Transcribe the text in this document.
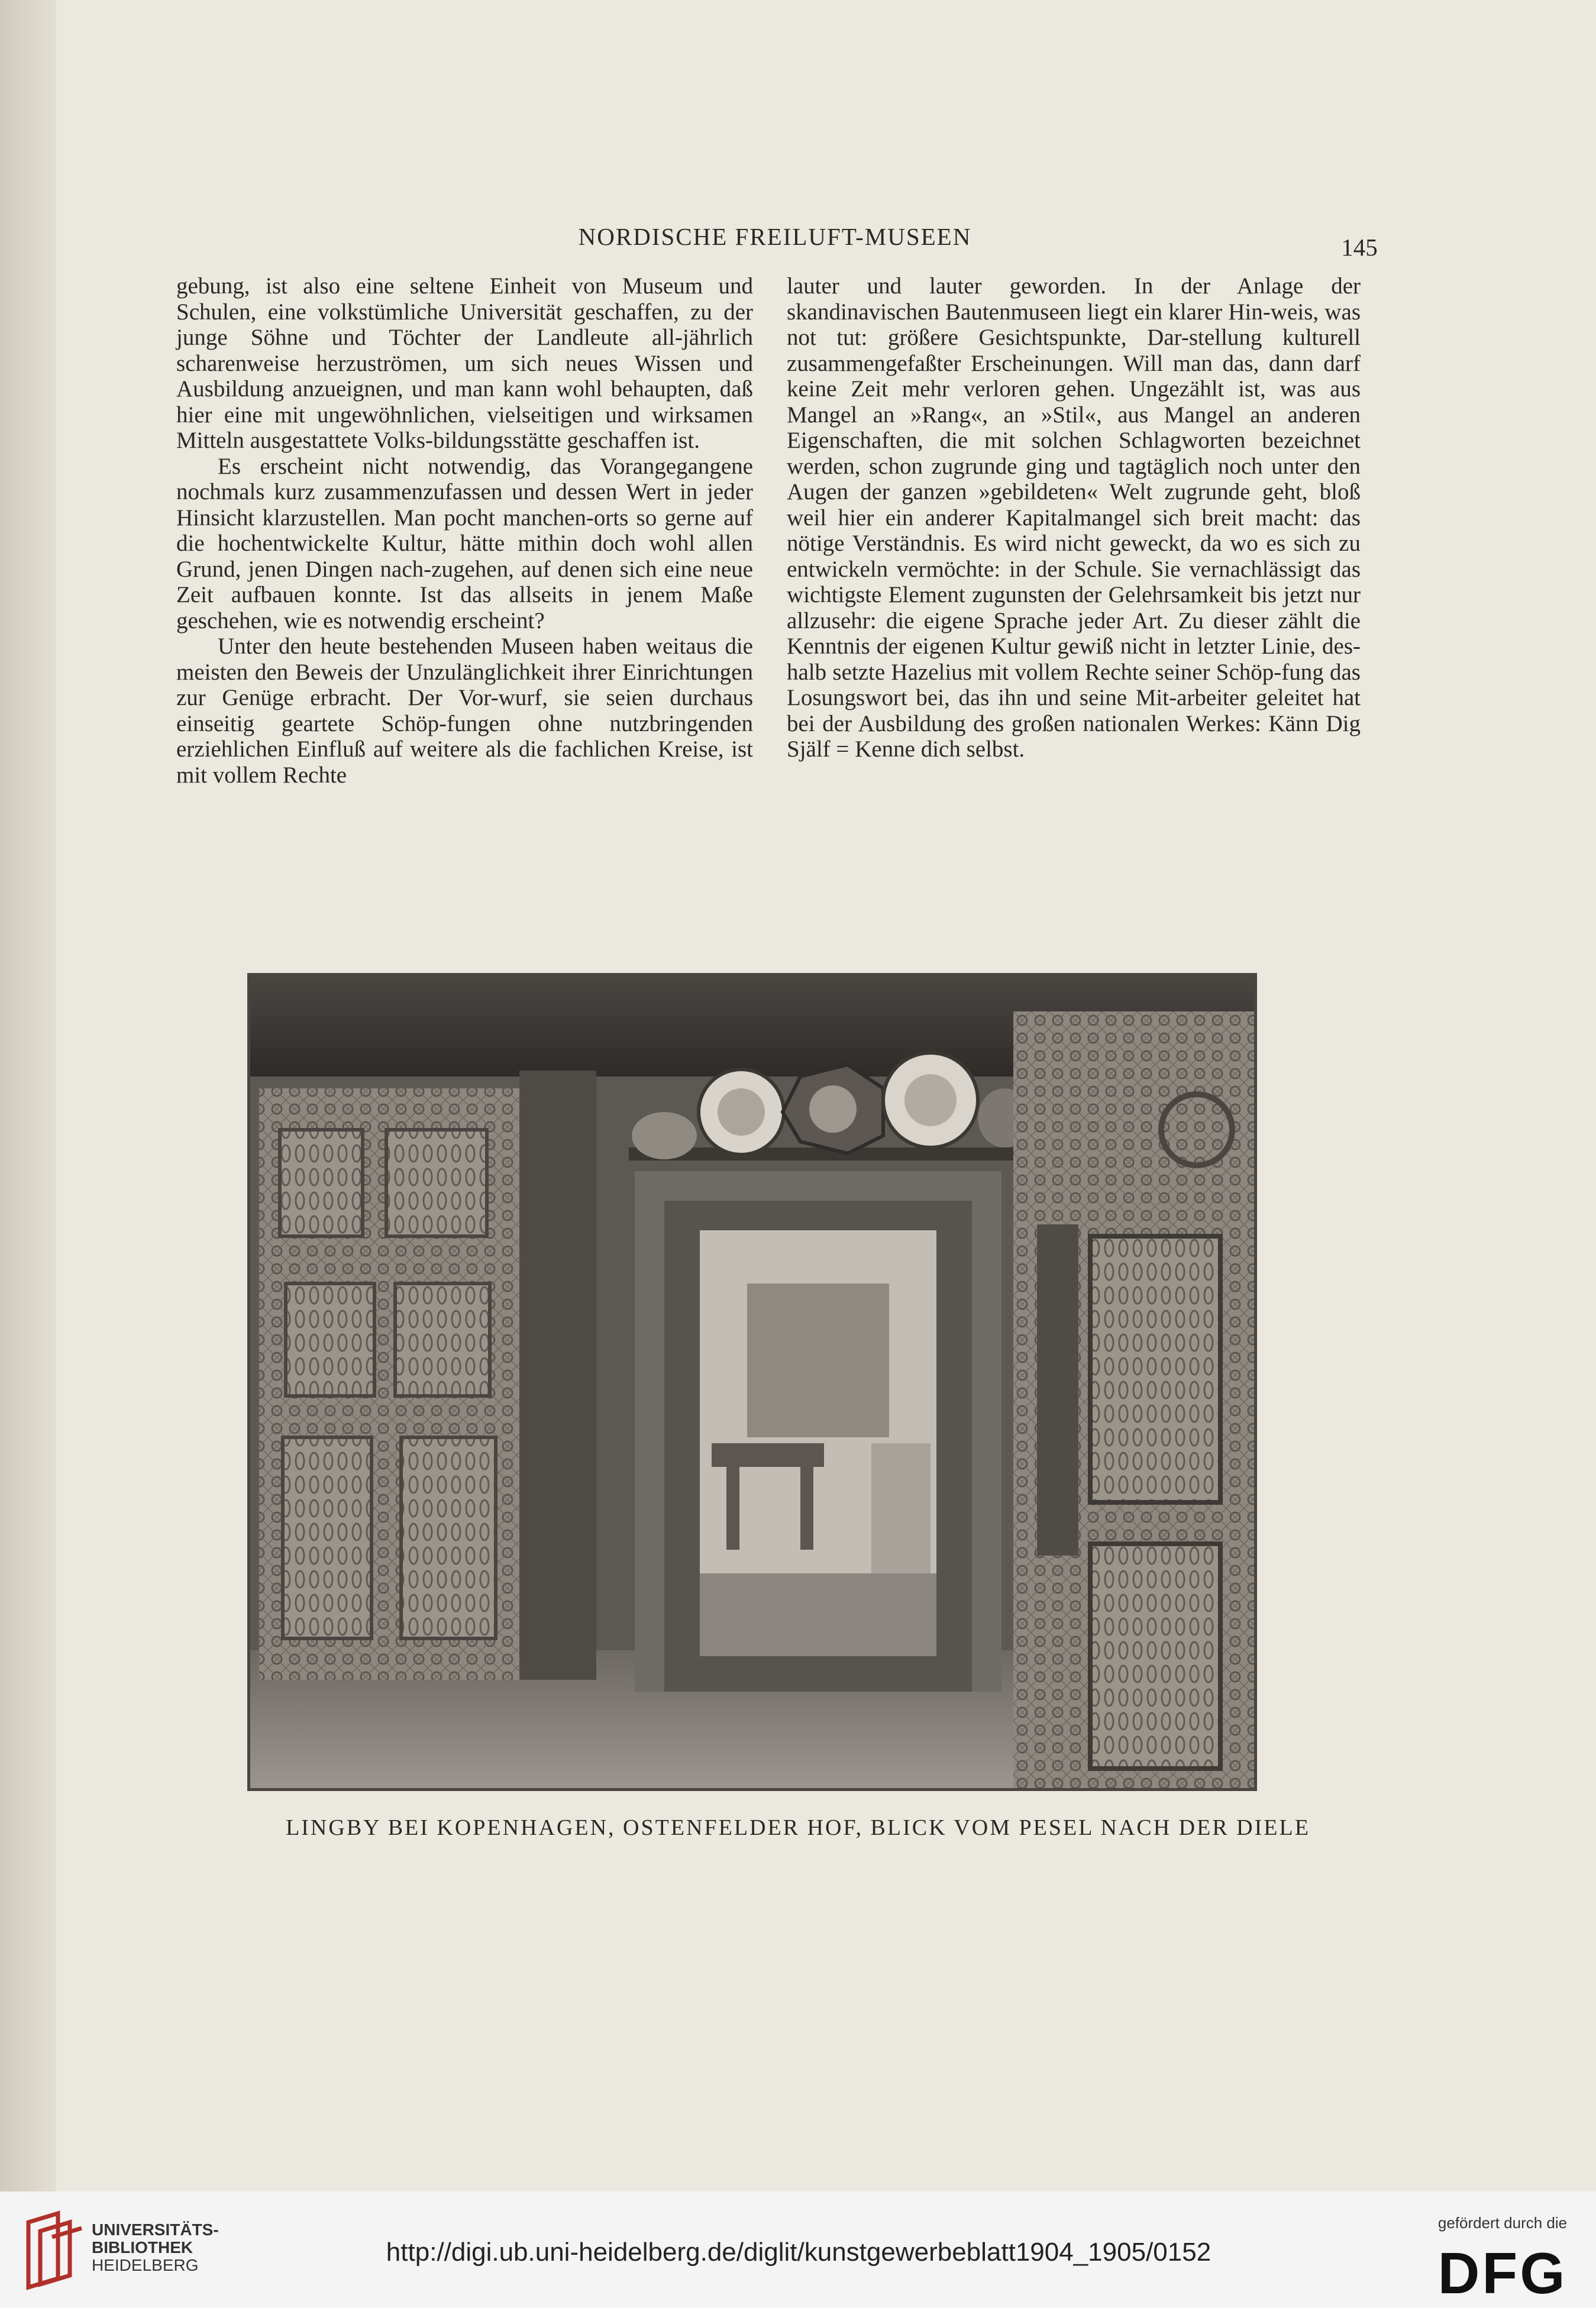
NORDISCHE FREILUFT-MUSEEN	145

gebung, ist also eine seltene Einheit von Museum und Schulen, eine volkstümliche Universität geschaffen, zu der junge Söhne und Töchter der Landleute all-jährlich scharenweise herzuströmen, um sich neues Wissen und Ausbildung anzueignen, und man kann wohl behaupten, daß hier eine mit ungewöhnlichen, vielseitigen und wirksamen Mitteln ausgestattete Volks-bildungsstätte geschaffen ist.

Es erscheint nicht notwendig, das Vorangegangene nochmals kurz zusammenzufassen und dessen Wert in jeder Hinsicht klarzustellen. Man pocht manchen-orts so gerne auf die hochentwickelte Kultur, hätte mithin doch wohl allen Grund, jenen Dingen nach-zugehen, auf denen sich eine neue Zeit aufbauen konnte. Ist das allseits in jenem Maße geschehen, wie es notwendig erscheint?

Unter den heute bestehenden Museen haben weitaus die meisten den Beweis der Unzulänglichkeit ihrer Einrichtungen zur Genüge erbracht. Der Vor-wurf, sie seien durchaus einseitig geartete Schöp-fungen ohne nutzbringenden erziehlichen Einfluß auf weitere als die fachlichen Kreise, ist mit vollem Rechte

lauter und lauter geworden. In der Anlage der skandinavischen Bautenmuseen liegt ein klarer Hin-weis, was not tut: größere Gesichtspunkte, Dar-stellung kulturell zusammengefaßter Erscheinungen. Will man das, dann darf keine Zeit mehr verloren gehen. Ungezählt ist, was aus Mangel an »Rang«, an »Stil«, aus Mangel an anderen Eigenschaften, die mit solchen Schlagworten bezeichnet werden, schon zugrunde ging und tagtäglich noch unter den Augen der ganzen »gebildeten« Welt zugrunde geht, bloß weil hier ein anderer Kapitalmangel sich breit macht: das nötige Verständnis. Es wird nicht geweckt, da wo es sich zu entwickeln vermöchte: in der Schule. Sie vernachlässigt das wichtigste Element zugunsten der Gelehrsamkeit bis jetzt nur allzusehr: die eigene Sprache jeder Art. Zu dieser zählt die Kenntnis der eigenen Kultur gewiß nicht in letzter Linie, des-halb setzte Hazelius mit vollem Rechte seiner Schöp-fung das Losungswort bei, das ihn und seine Mit-arbeiter geleitet hat bei der Ausbildung des großen nationalen Werkes: Känn Dig Själf = Kenne dich selbst.

LINGBY BEI KOPENHAGEN, OSTENFELDER HOF, BLICK VOM PESEL NACH DER DIELE
UNIVERSITÄTS-
BIBLIOTHEK
HEIDELBERG	http://digi.ub.uni-heidelberg.de/diglit/kunstgewerbeblatt1904_1905/0152
gefördert durch die
DFG
